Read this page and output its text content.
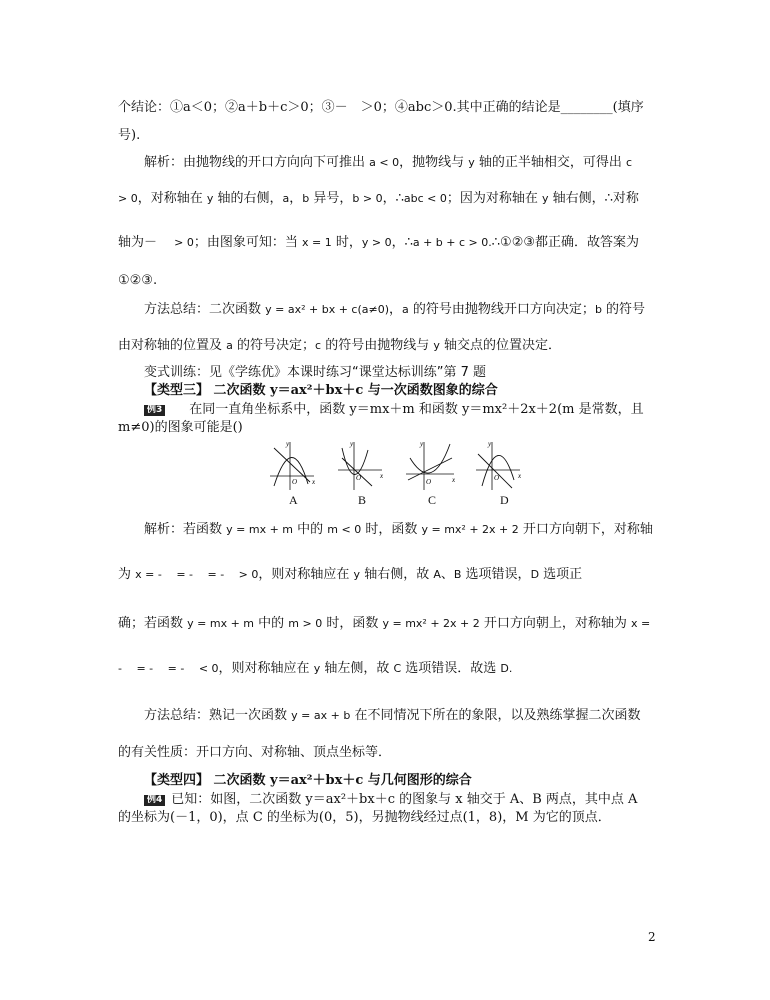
个结论：①a＜0；②a＋b＋c＞0；③－　＞0；④abc＞0.其中正确的结论是________(填序
号).
解析：由抛物线的开口方向向下可推出 a < 0，抛物线与 y 轴的正半轴相交，可得出 c
> 0，对称轴在 y 轴的右侧，a，b 异号，b > 0，∴abc < 0；因为对称轴在 y 轴右侧，∴对称
轴为－　 > 0；由图象可知：当 x = 1 时，y > 0，∴a + b + c > 0.∴①②③都正确．故答案为
①②③.
方法总结：二次函数 y = ax² + bx + c(a≠0)，a 的符号由抛物线开口方向决定；b 的符号
由对称轴的位置及 a 的符号决定；c 的符号由抛物线与 y 轴交点的位置决定．
变式训练：见《学练优》本课时练习“课堂达标训练”第 7 题
【类型三】 二次函数 y＝ax²＋bx＋c 与一次函数图象的综合
例3 在同一直角坐标系中，函数 y＝mx＋m 和函数 y＝mx²＋2x＋2(m 是常数，且
m≠0)的图象可能是()
y
x
O
y
x
O
y
x
O
y
x
O
A	B	C	D
解析：若函数 y = mx + m 中的 m < 0 时，函数 y = mx² + 2x + 2 开口方向朝下，对称轴
为 x = -　 = -　 = -　 > 0，则对称轴应在 y 轴右侧，故 A、B 选项错误，D 选项正
确；若函数 y = mx + m 中的 m > 0 时，函数 y = mx² + 2x + 2 开口方向朝上，对称轴为 x =
-　 = -　 = -　 < 0，则对称轴应在 y 轴左侧，故 C 选项错误．故选 D.
方法总结：熟记一次函数 y = ax + b 在不同情况下所在的象限，以及熟练掌握二次函数
的有关性质：开口方向、对称轴、顶点坐标等．
【类型四】 二次函数 y＝ax²＋bx＋c 与几何图形的综合
例4 已知：如图，二次函数 y＝ax²＋bx＋c 的图象与 x 轴交于 A、B 两点，其中点 A
的坐标为(－1，0)，点 C 的坐标为(0，5)，另抛物线经过点(1，8)，M 为它的顶点．
2
